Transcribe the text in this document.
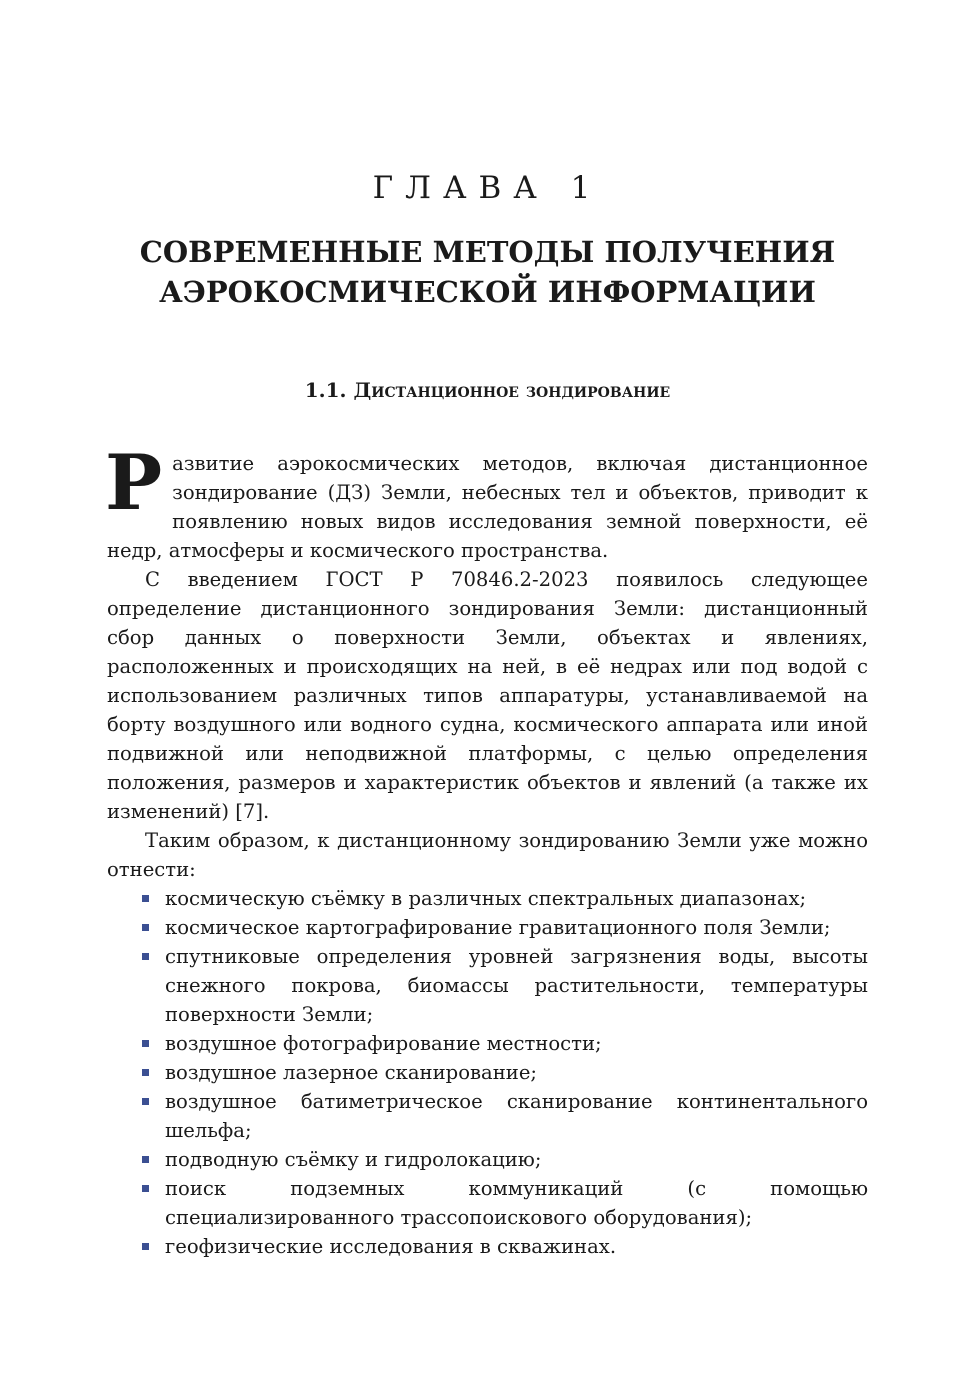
ГЛАВА 1
СОВРЕМЕННЫЕ МЕТОДЫ ПОЛУЧЕНИЯ
АЭРОКОСМИЧЕСКОЙ ИНФОРМАЦИИ
1.1. Дистанционное зондирование

Р азвитие аэрокосмических методов, включая дистанционное зондирование (ДЗ) Земли, небесных тел и объектов, приводит к появлению новых видов исследования земной поверхности, её недр, атмосферы и космического пространства.

С введением ГОСТ Р 70846.2-2023 появилось следующее определение дистанционного зондирования Земли: дистанционный сбор данных о поверхности Земли, объектах и явлениях, расположенных и происходящих на ней, в её недрах или под водой с использованием различных типов аппаратуры, устанавливаемой на борту воздушного или водного судна, космического аппарата или иной подвижной или неподвижной платформы, с целью определения положения, размеров и характеристик объектов и явлений (а также их изменений) [7].

Таким образом, к дистанционному зондированию Земли уже можно отнести:

космическую съёмку в различных спектральных диапазонах;
космическое картографирование гравитационного поля Земли;
спутниковые определения уровней загрязнения воды, высоты снежного покрова, биомассы растительности, температуры поверхности Земли;
воздушное фотографирование местности;
воздушное лазерное сканирование;
воздушное батиметрическое сканирование континентального шельфа;
подводную съёмку и гидролокацию;
поиск подземных коммуникаций (с помощью специализированного трассопоискового оборудования);
геофизические исследования в скважинах.
